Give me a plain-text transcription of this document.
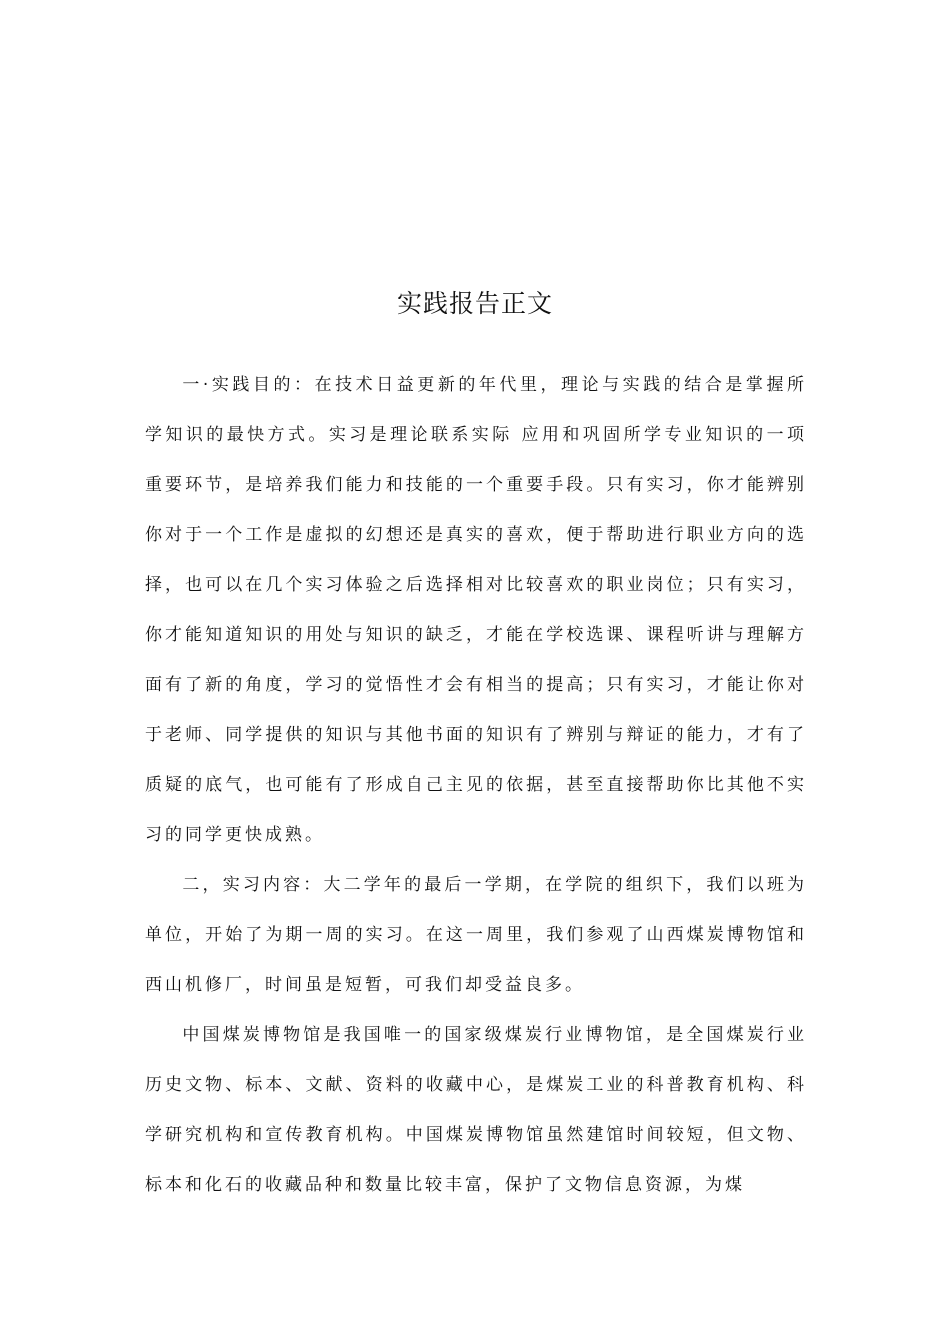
实践报告正文

一·实践目的：在技术日益更新的年代里，理论与实践的结合是掌握所学知识的最快方式。实习是理论联系实际 应用和巩固所学专业知识的一项重要环节，是培养我们能力和技能的一个重要手段。只有实习，你才能辨别你对于一个工作是虚拟的幻想还是真实的喜欢，便于帮助进行职业方向的选择，也可以在几个实习体验之后选择相对比较喜欢的职业岗位；只有实习，你才能知道知识的用处与知识的缺乏，才能在学校选课、课程听讲与理解方面有了新的角度，学习的觉悟性才会有相当的提高；只有实习，才能让你对于老师、同学提供的知识与其他书面的知识有了辨别与辩证的能力，才有了质疑的底气，也可能有了形成自己主见的依据，甚至直接帮助你比其他不实习的同学更快成熟。

二，实习内容：大二学年的最后一学期，在学院的组织下，我们以班为单位，开始了为期一周的实习。在这一周里，我们参观了山西煤炭博物馆和西山机修厂，时间虽是短暂，可我们却受益良多。

中国煤炭博物馆是我国唯一的国家级煤炭行业博物馆，是全国煤炭行业历史文物、标本、文献、资料的收藏中心，是煤炭工业的科普教育机构、科学研究机构和宣传教育机构。中国煤炭博物馆虽然建馆时间较短，但文物、标本和化石的收藏品种和数量比较丰富，保护了文物信息资源，为煤
